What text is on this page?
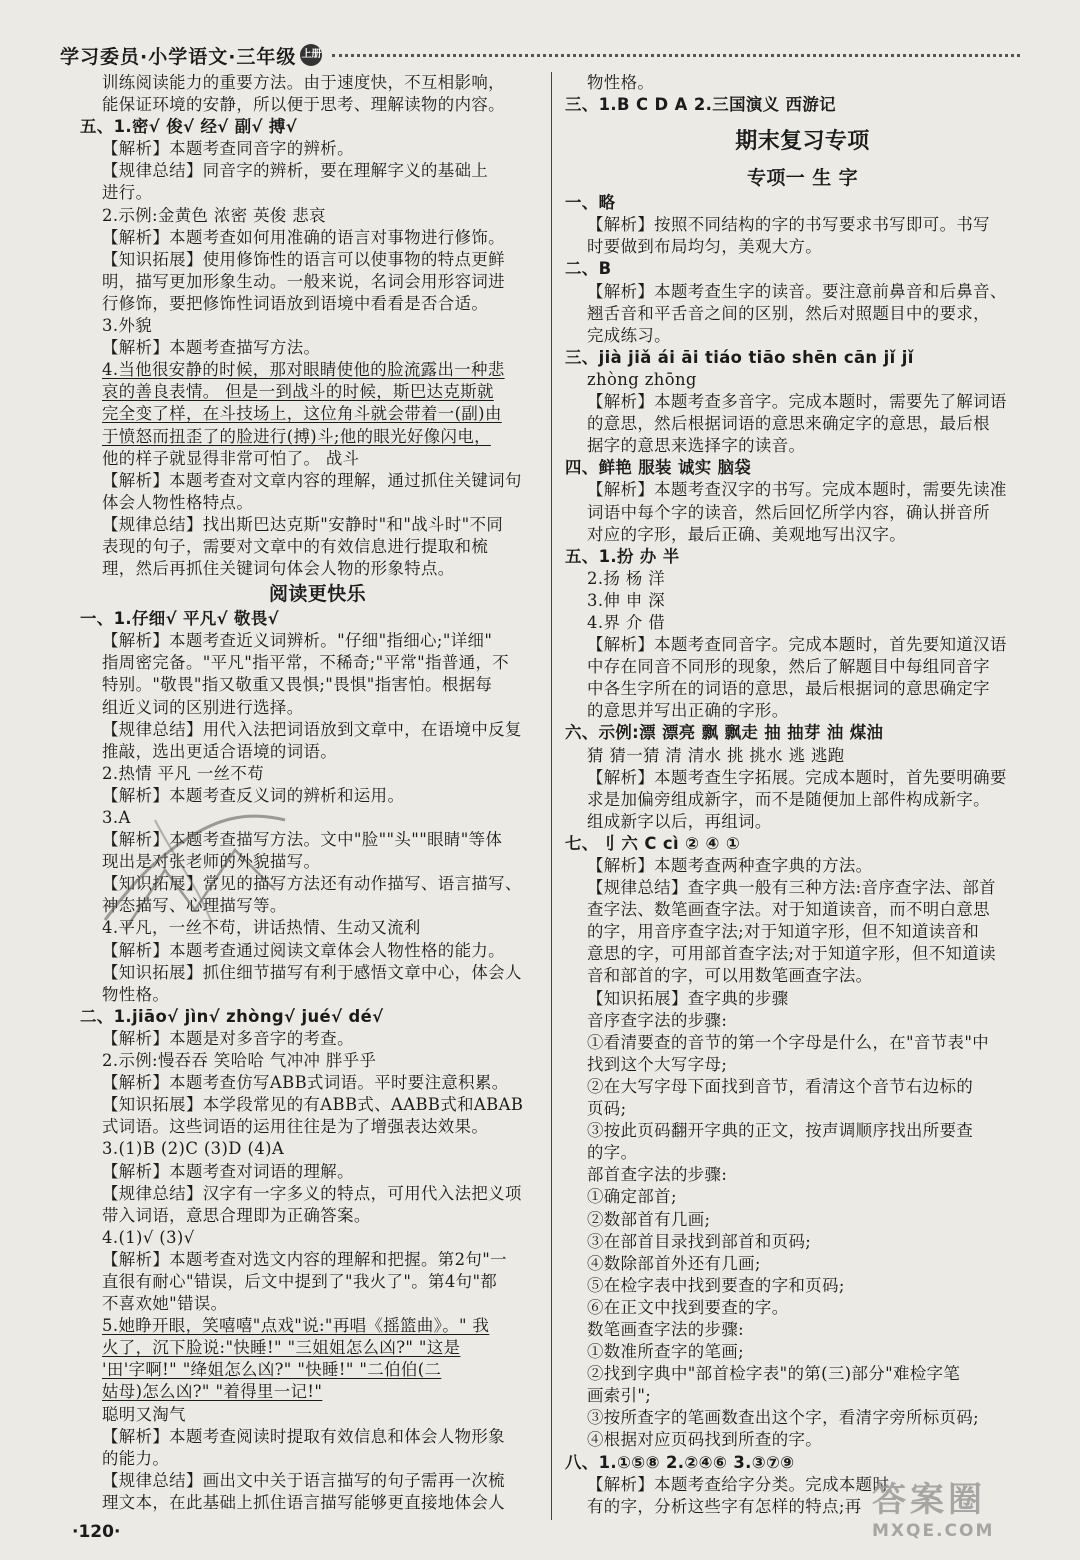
学习委员·小学语文·三年级 上册
训练阅读能力的重要方法。由于速度快，不互相影响，
能保证环境的安静，所以便于思考、理解读物的内容。
五、1.密√ 俊√ 经√ 副√ 搏√
【解析】本题考查同音字的辨析。
【规律总结】同音字的辨析，要在理解字义的基础上
进行。
2.示例:金黄色 浓密 英俊 悲哀
【解析】本题考查如何用准确的语言对事物进行修饰。
【知识拓展】使用修饰性的语言可以使事物的特点更鲜
明，描写更加形象生动。一般来说，名词会用形容词进
行修饰，要把修饰性词语放到语境中看看是否合适。
3.外貌
【解析】本题考查描写方法。
4.当他很安静的时候，那对眼睛使他的脸流露出一种悲
哀的善良表情。 但是一到战斗的时候，斯巴达克斯就
完全变了样，在斗技场上，这位角斗就会带着一(副)由
于愤怒而扭歪了的脸进行(搏)斗;他的眼光好像闪电，
他的样子就显得非常可怕了。 战斗
【解析】本题考查对文章内容的理解，通过抓住关键词句
体会人物性格特点。
【规律总结】找出斯巴达克斯"安静时"和"战斗时"不同
表现的句子，需要对文章中的有效信息进行提取和梳
理，然后再抓住关键词句体会人物的形象特点。
阅读更快乐
一、1.仔细√ 平凡√ 敬畏√
【解析】本题考查近义词辨析。"仔细"指细心;"详细"
指周密完备。"平凡"指平常，不稀奇;"平常"指普通，不
特别。"敬畏"指又敬重又畏惧;"畏惧"指害怕。根据每
组近义词的区别进行选择。
【规律总结】用代入法把词语放到文章中，在语境中反复
推敲，选出更适合语境的词语。
2.热情 平凡 一丝不苟
【解析】本题考查反义词的辨析和运用。
3.A
【解析】本题考查描写方法。文中"脸""头""眼睛"等体
现出是对张老师的外貌描写。
【知识拓展】常见的描写方法还有动作描写、语言描写、
神态描写、心理描写等。
4.平凡，一丝不苟，讲话热情、生动又流利
【解析】本题考查通过阅读文章体会人物性格的能力。
【知识拓展】抓住细节描写有利于感悟文章中心，体会人
物性格。
二、1.jiāo√ jìn√ zhòng√ jué√ dé√
【解析】本题是对多音字的考查。
2.示例:慢吞吞 笑哈哈 气冲冲 胖乎乎
【解析】本题考查仿写ABB式词语。平时要注意积累。
【知识拓展】本学段常见的有ABB式、AABB式和ABAB
式词语。这些词语的运用往往是为了增强表达效果。
3.(1)B (2)C (3)D (4)A
【解析】本题考查对词语的理解。
【规律总结】汉字有一字多义的特点，可用代入法把义项
带入词语，意思合理即为正确答案。
4.(1)√ (3)√
【解析】本题考查对选文内容的理解和把握。第2句"一
直很有耐心"错误，后文中提到了"我火了"。第4句"都
不喜欢她"错误。
5.她睁开眼，笑嘻嘻"点戏"说:"再唱《摇篮曲》。" 我
火了，沉下脸说:"快睡!" "三姐姐怎么凶?" "这是
'田'字啊!" "绛姐怎么凶?" "快睡!" "二伯伯(二
姑母)怎么凶?" "着得里一记!"
聪明又淘气
【解析】本题考查阅读时提取有效信息和体会人物形象
的能力。
【规律总结】画出文中关于语言描写的句子需再一次梳
理文本，在此基础上抓住语言描写能够更直接地体会人
物性格。
三、1.B C D A 2.三国演义 西游记
期末复习专项
专项一 生 字
一、略
【解析】按照不同结构的字的书写要求书写即可。书写
时要做到布局均匀，美观大方。
二、B
【解析】本题考查生字的读音。要注意前鼻音和后鼻音、
翘舌音和平舌音之间的区别，然后对照题目中的要求，
完成练习。
三、jià jiǎ ái āi tiáo tiāo shēn cān jǐ jǐ
zhòng zhōng
【解析】本题考查多音字。完成本题时，需要先了解词语
的意思，然后根据词语的意思来确定字的意思，最后根
据字的意思来选择字的读音。
四、鲜艳 服装 诚实 脑袋
【解析】本题考查汉字的书写。完成本题时，需要先读准
词语中每个字的读音，然后回忆所学内容，确认拼音所
对应的字形，最后正确、美观地写出汉字。
五、1.扮 办 半
2.扬 杨 洋
3.伸 申 深
4.界 介 借
【解析】本题考查同音字。完成本题时，首先要知道汉语
中存在同音不同形的现象，然后了解题目中每组同音字
中各生字所在的词语的意思，最后根据词的意思确定字
的意思并写出正确的字形。
六、示例:漂 漂亮 飘 飘走 抽 抽芽 油 煤油
猜 猜一猜 清 清水 挑 挑水 逃 逃跑
【解析】本题考查生字拓展。完成本题时，首先要明确要
求是加偏旁组成新字，而不是随便加上部件构成新字。
组成新字以后，再组词。
七、刂 六 C cì ② ④ ①
【解析】本题考查两种查字典的方法。
【规律总结】查字典一般有三种方法:音序查字法、部首
查字法、数笔画查字法。对于知道读音，而不明白意思
的字，用音序查字法;对于知道字形，但不知道读音和
意思的字，可用部首查字法;对于知道字形，但不知道读
音和部首的字，可以用数笔画查字法。
【知识拓展】查字典的步骤
音序查字法的步骤:
①看清要查的音节的第一个字母是什么，在"音节表"中
找到这个大写字母;
②在大写字母下面找到音节，看清这个音节右边标的
页码;
③按此页码翻开字典的正文，按声调顺序找出所要查
的字。
部首查字法的步骤:
①确定部首;
②数部首有几画;
③在部首目录找到部首和页码;
④数除部首外还有几画;
⑤在检字表中找到要查的字和页码;
⑥在正文中找到要查的字。
数笔画查字法的步骤:
①数准所查字的笔画;
②找到字典中"部首检字表"的第(三)部分"难检字笔
画索引";
③按所查字的笔画数查出这个字，看清字旁所标页码;
④根据对应页码找到所查的字。
八、1.①⑤⑧ 2.②④⑥ 3.③⑦⑨
【解析】本题考查给字分类。完成本题时
有的字，分析这些字有怎样的特点;再
·120·
答案圈
MXQE.COM
